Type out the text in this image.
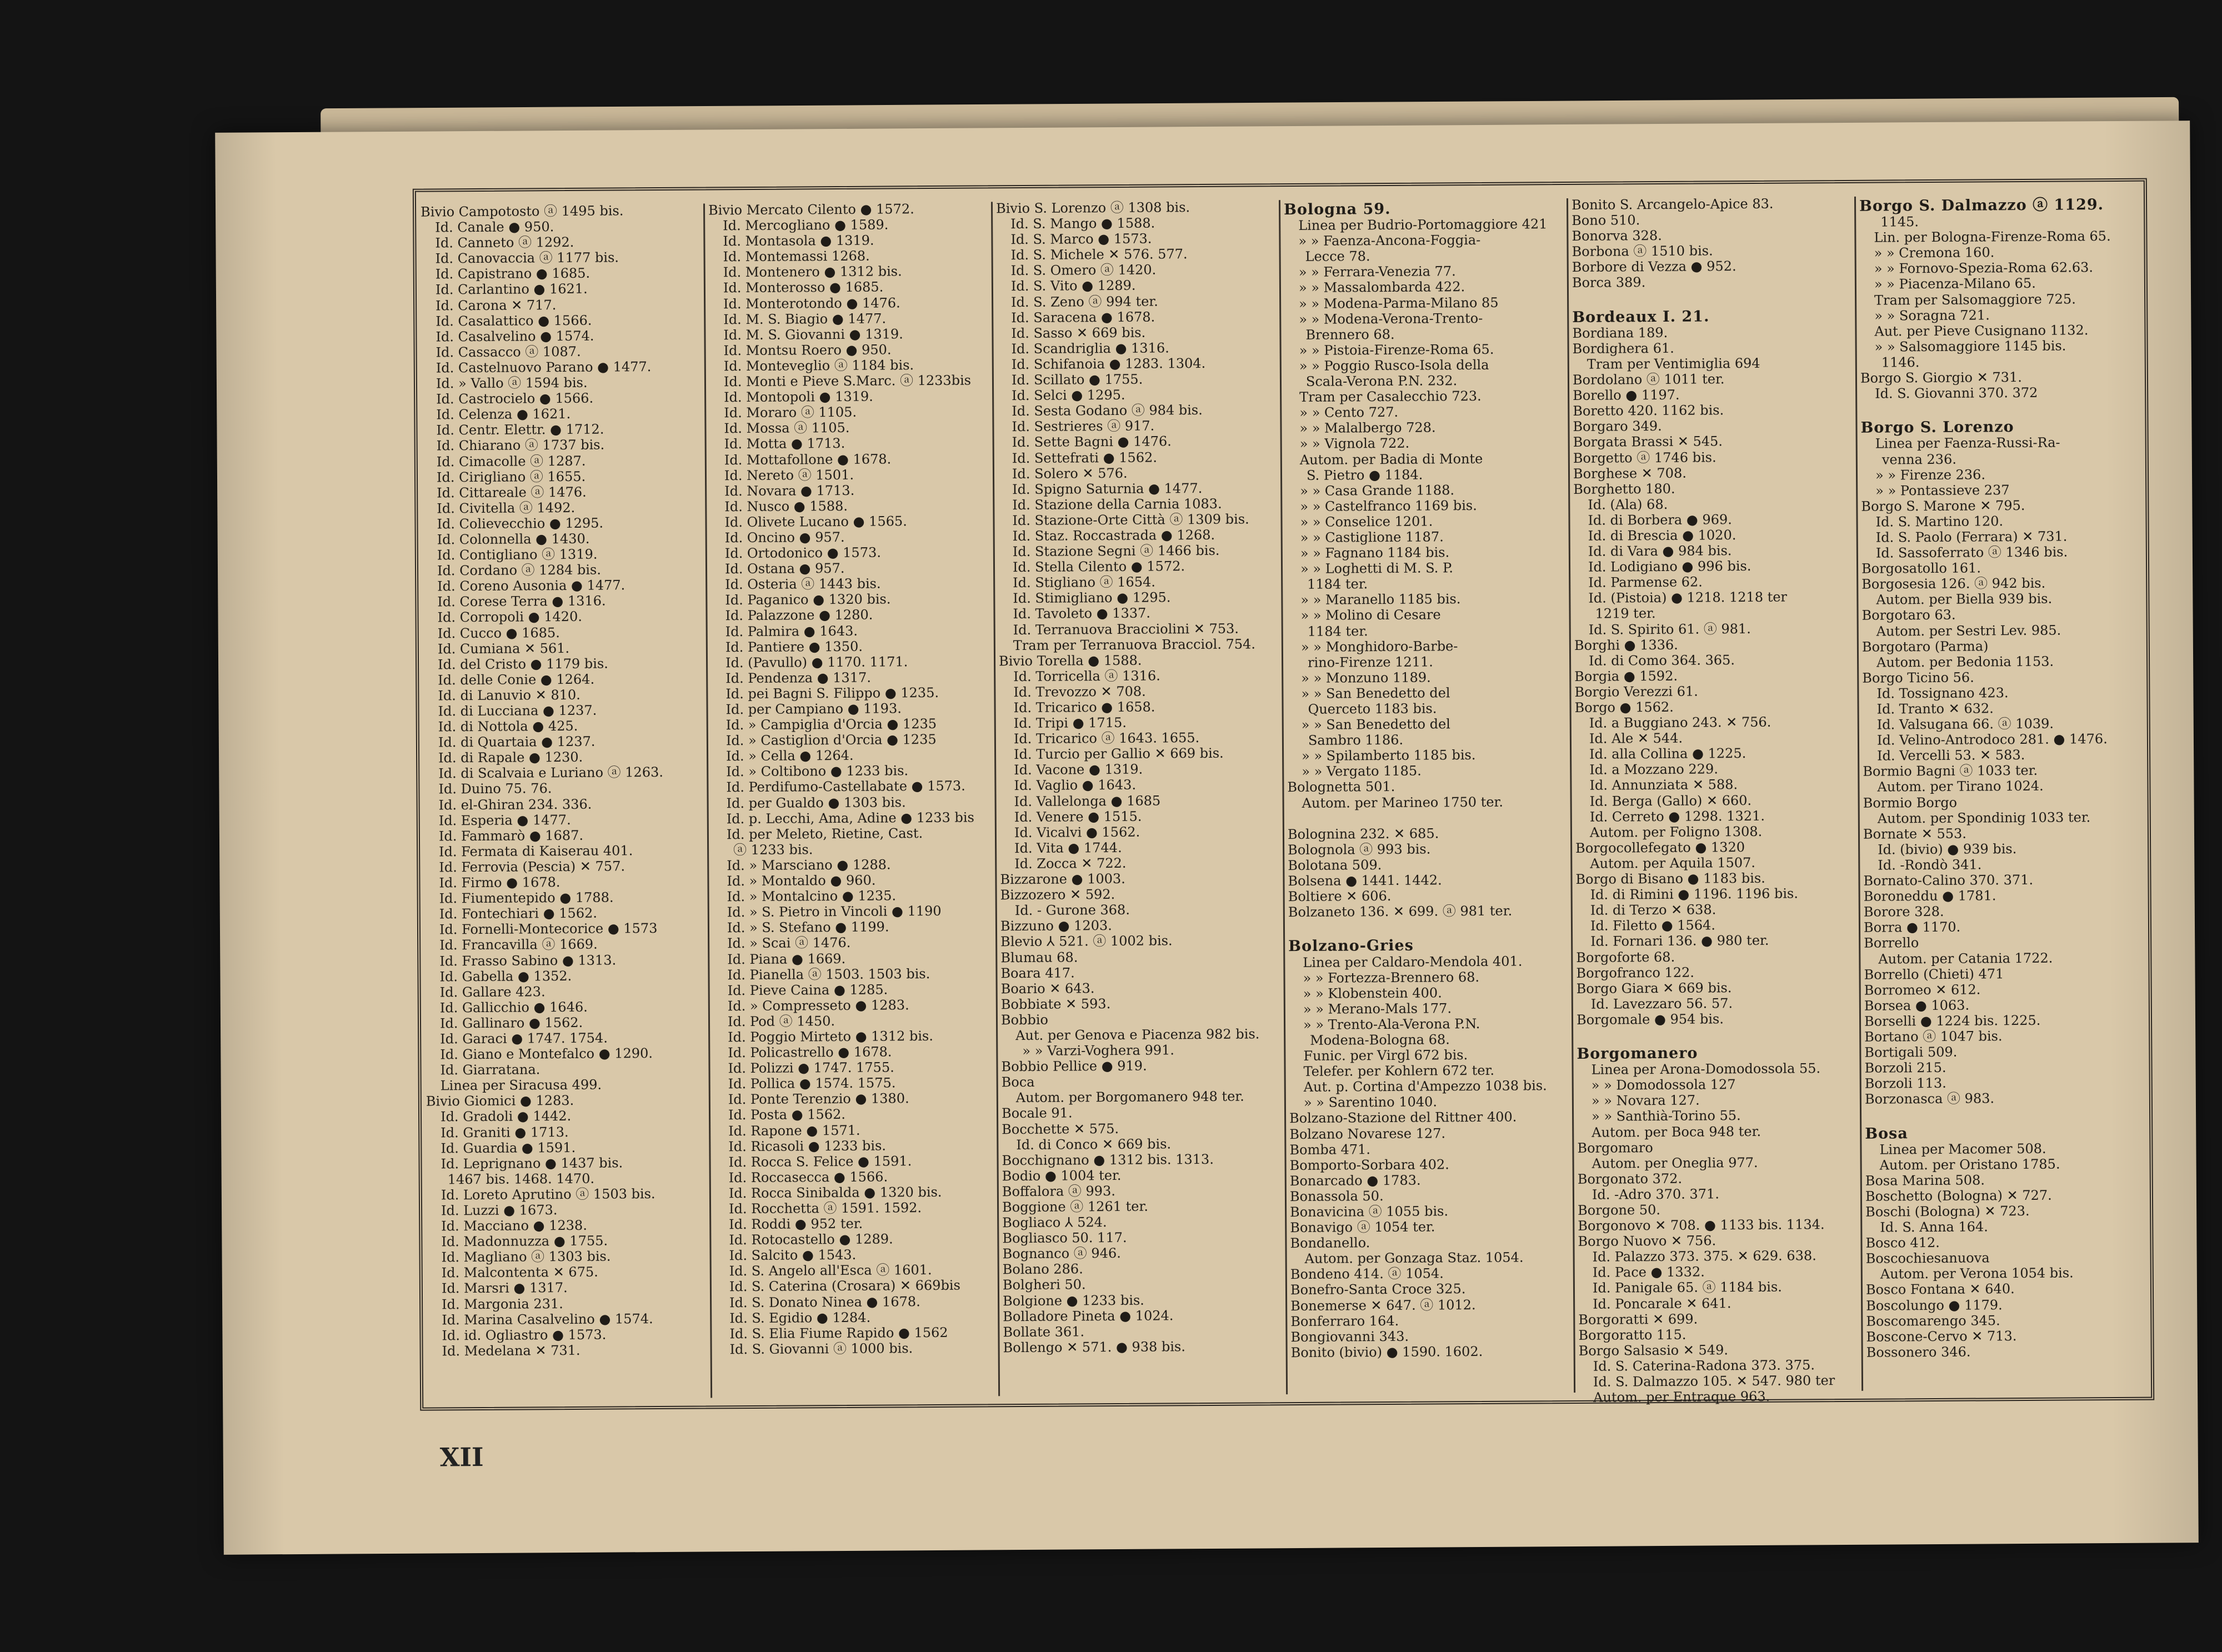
Bivio Campotosto ⓐ 1495 bis.
Id. Canale ● 950.
Id. Canneto ⓐ 1292.
Id. Canovaccia ⓐ 1177 bis.
Id. Capistrano ● 1685.
Id. Carlantino ● 1621.
Id. Carona ✕ 717.
Id. Casalattico ● 1566.
Id. Casalvelino ● 1574.
Id. Cassacco ⓐ 1087.
Id. Castelnuovo Parano ● 1477.
Id. » Vallo ⓐ 1594 bis.
Id. Castrocielo ● 1566.
Id. Celenza ● 1621.
Id. Centr. Elettr. ● 1712.
Id. Chiarano ⓐ 1737 bis.
Id. Cimacolle ⓐ 1287.
Id. Cirigliano ⓐ 1655.
Id. Cittareale ⓐ 1476.
Id. Civitella ⓐ 1492.
Id. Colievecchio ● 1295.
Id. Colonnella ● 1430.
Id. Contigliano ⓐ 1319.
Id. Cordano ⓐ 1284 bis.
Id. Coreno Ausonia ● 1477.
Id. Corese Terra ● 1316.
Id. Corropoli ● 1420.
Id. Cucco ● 1685.
Id. Cumiana ✕ 561.
Id. del Cristo ● 1179 bis.
Id. delle Conie ● 1264.
Id. di Lanuvio ✕ 810.
Id. di Lucciana ● 1237.
Id. di Nottola ● 425.
Id. di Quartaia ● 1237.
Id. di Rapale ● 1230.
Id. di Scalvaia e Luriano ⓐ 1263.
Id. Duino 75. 76.
Id. el-Ghiran 234. 336.
Id. Esperia ● 1477.
Id. Fammarò ● 1687.
Id. Fermata di Kaiserau 401.
Id. Ferrovia (Pescia) ✕ 757.
Id. Firmo ● 1678.
Id. Fiumentepido ● 1788.
Id. Fontechiari ● 1562.
Id. Fornelli-Montecorice ● 1573
Id. Francavilla ⓐ 1669.
Id. Frasso Sabino ● 1313.
Id. Gabella ● 1352.
Id. Gallare 423.
Id. Gallicchio ● 1646.
Id. Gallinaro ● 1562.
Id. Garaci ● 1747. 1754.
Id. Giano e Montefalco ● 1290.
Id. Giarratana.
Linea per Siracusa 499.
Bivio Giomici ● 1283.
Id. Gradoli ● 1442.
Id. Graniti ● 1713.
Id. Guardia ● 1591.
Id. Leprignano ● 1437 bis.
1467 bis. 1468. 1470.
Id. Loreto Aprutino ⓐ 1503 bis.
Id. Luzzi ● 1673.
Id. Macciano ● 1238.
Id. Madonnuzza ● 1755.
Id. Magliano ⓐ 1303 bis.
Id. Malcontenta ✕ 675.
Id. Marsri ● 1317.
Id. Margonia 231.
Id. Marina Casalvelino ● 1574.
Id. id. Ogliastro ● 1573.
Id. Medelana ✕ 731.
Bivio Mercato Cilento ● 1572.
Id. Mercogliano ● 1589.
Id. Montasola ● 1319.
Id. Montemassi 1268.
Id. Montenero ● 1312 bis.
Id. Monterosso ● 1685.
Id. Monterotondo ● 1476.
Id. M. S. Biagio ● 1477.
Id. M. S. Giovanni ● 1319.
Id. Montsu Roero ● 950.
Id. Monteveglio ⓐ 1184 bis.
Id. Monti e Pieve S.Marc. ⓐ 1233bis
Id. Montopoli ● 1319.
Id. Moraro ⓐ 1105.
Id. Mossa ⓐ 1105.
Id. Motta ● 1713.
Id. Mottafollone ● 1678.
Id. Nereto ⓐ 1501.
Id. Novara ● 1713.
Id. Nusco ● 1588.
Id. Olivete Lucano ● 1565.
Id. Oncino ● 957.
Id. Ortodonico ● 1573.
Id. Ostana ● 957.
Id. Osteria ⓐ 1443 bis.
Id. Paganico ● 1320 bis.
Id. Palazzone ● 1280.
Id. Palmira ● 1643.
Id. Pantiere ● 1350.
Id. (Pavullo) ● 1170. 1171.
Id. Pendenza ● 1317.
Id. pei Bagni S. Filippo ● 1235.
Id. per Campiano ● 1193.
Id. » Campiglia d'Orcia ● 1235
Id. » Castiglion d'Orcia ● 1235
Id. » Cella ● 1264.
Id. » Coltibono ● 1233 bis.
Id. Perdifumo-Castellabate ● 1573.
Id. per Gualdo ● 1303 bis.
Id. p. Lecchi, Ama, Adine ● 1233 bis
Id. per Meleto, Rietine, Cast.
ⓐ 1233 bis.
Id. » Marsciano ● 1288.
Id. » Montaldo ● 960.
Id. » Montalcino ● 1235.
Id. » S. Pietro in Vincoli ● 1190
Id. » S. Stefano ● 1199.
Id. » Scai ⓐ 1476.
Id. Piana ● 1669.
Id. Pianella ⓐ 1503. 1503 bis.
Id. Pieve Caina ● 1285.
Id. » Compresseto ● 1283.
Id. Pod ⓐ 1450.
Id. Poggio Mirteto ● 1312 bis.
Id. Policastrello ● 1678.
Id. Polizzi ● 1747. 1755.
Id. Pollica ● 1574. 1575.
Id. Ponte Terenzio ● 1380.
Id. Posta ● 1562.
Id. Rapone ● 1571.
Id. Ricasoli ● 1233 bis.
Id. Rocca S. Felice ● 1591.
Id. Roccasecca ● 1566.
Id. Rocca Sinibalda ● 1320 bis.
Id. Rocchetta ⓐ 1591. 1592.
Id. Roddi ● 952 ter.
Id. Rotocastello ● 1289.
Id. Salcito ● 1543.
Id. S. Angelo all'Esca ⓐ 1601.
Id. S. Caterina (Crosara) ✕ 669bis
Id. S. Donato Ninea ● 1678.
Id. S. Egidio ● 1284.
Id. S. Elia Fiume Rapido ● 1562
Id. S. Giovanni ⓐ 1000 bis.
Bivio S. Lorenzo ⓐ 1308 bis.
Id. S. Mango ● 1588.
Id. S. Marco ● 1573.
Id. S. Michele ✕ 576. 577.
Id. S. Omero ⓐ 1420.
Id. S. Vito ● 1289.
Id. S. Zeno ⓐ 994 ter.
Id. Saracena ● 1678.
Id. Sasso ✕ 669 bis.
Id. Scandriglia ● 1316.
Id. Schifanoia ● 1283. 1304.
Id. Scillato ● 1755.
Id. Selci ● 1295.
Id. Sesta Godano ⓐ 984 bis.
Id. Sestrieres ⓐ 917.
Id. Sette Bagni ● 1476.
Id. Settefrati ● 1562.
Id. Solero ✕ 576.
Id. Spigno Saturnia ● 1477.
Id. Stazione della Carnia 1083.
Id. Stazione-Orte Città ⓐ 1309 bis.
Id. Staz. Roccastrada ● 1268.
Id. Stazione Segni ⓐ 1466 bis.
Id. Stella Cilento ● 1572.
Id. Stigliano ⓐ 1654.
Id. Stimigliano ● 1295.
Id. Tavoleto ● 1337.
Id. Terranuova Bracciolini ✕ 753.
Tram per Terranuova Bracciol. 754.
Bivio Torella ● 1588.
Id. Torricella ⓐ 1316.
Id. Trevozzo ✕ 708.
Id. Tricarico ● 1658.
Id. Tripi ● 1715.
Id. Tricarico ⓐ 1643. 1655.
Id. Turcio per Gallio ✕ 669 bis.
Id. Vacone ● 1319.
Id. Vaglio ● 1643.
Id. Vallelonga ● 1685
Id. Venere ● 1515.
Id. Vicalvi ● 1562.
Id. Vita ● 1744.
Id. Zocca ✕ 722.
Bizzarone ● 1003.
Bizzozero ✕ 592.
Id. - Gurone 368.
Bizzuno ● 1203.
Blevio ⅄ 521. ⓐ 1002 bis.
Blumau 68.
Boara 417.
Boario ✕ 643.
Bobbiate ✕ 593.
Bobbio
Aut. per Genova e Piacenza 982 bis.
» » Varzi-Voghera 991.
Bobbio Pellice ● 919.
Boca
Autom. per Borgomanero 948 ter.
Bocale 91.
Bocchette ✕ 575.
Id. di Conco ✕ 669 bis.
Bocchignano ● 1312 bis. 1313.
Bodio ● 1004 ter.
Boffalora ⓐ 993.
Boggione ⓐ 1261 ter.
Bogliaco ⅄ 524.
Bogliasco 50. 117.
Bognanco ⓐ 946.
Bolano 286.
Bolgheri 50.
Bolgione ● 1233 bis.
Bolladore Pineta ● 1024.
Bollate 361.
Bollengo ✕ 571. ● 938 bis.
Bologna 59.
Linea per Budrio-Portomaggiore 421
» » Faenza-Ancona-Foggia-
Lecce 78.
» » Ferrara-Venezia 77.
» » Massalombarda 422.
» » Modena-Parma-Milano 85
» » Modena-Verona-Trento-
Brennero 68.
» » Pistoia-Firenze-Roma 65.
» » Poggio Rusco-Isola della
Scala-Verona P.N. 232.
Tram per Casalecchio 723.
» » Cento 727.
» » Malalbergo 728.
» » Vignola 722.
Autom. per Badia di Monte
S. Pietro ● 1184.
» » Casa Grande 1188.
» » Castelfranco 1169 bis.
» » Conselice 1201.
» » Castiglione 1187.
» » Fagnano 1184 bis.
» » Loghetti di M. S. P.
1184 ter.
» » Maranello 1185 bis.
» » Molino di Cesare
1184 ter.
» » Monghidoro-Barbe-
rino-Firenze 1211.
» » Monzuno 1189.
» » San Benedetto del
Querceto 1183 bis.
» » San Benedetto del
Sambro 1186.
» » Spilamberto 1185 bis.
» » Vergato 1185.
Bolognetta 501.
Autom. per Marineo 1750 ter.
Bolognina 232. ✕ 685.
Bolognola ⓐ 993 bis.
Bolotana 509.
Bolsena ● 1441. 1442.
Boltiere ✕ 606.
Bolzaneto 136. ✕ 699. ⓐ 981 ter.
Bolzano-Gries
Linea per Caldaro-Mendola 401.
» » Fortezza-Brennero 68.
» » Klobenstein 400.
» » Merano-Mals 177.
» » Trento-Ala-Verona P.N.
Modena-Bologna 68.
Funic. per Virgl 672 bis.
Telefer. per Kohlern 672 ter.
Aut. p. Cortina d'Ampezzo 1038 bis.
» » Sarentino 1040.
Bolzano-Stazione del Rittner 400.
Bolzano Novarese 127.
Bomba 471.
Bomporto-Sorbara 402.
Bonarcado ● 1783.
Bonassola 50.
Bonavicina ⓐ 1055 bis.
Bonavigo ⓐ 1054 ter.
Bondanello.
Autom. per Gonzaga Staz. 1054.
Bondeno 414. ⓐ 1054.
Bonefro-Santa Croce 325.
Bonemerse ✕ 647. ⓐ 1012.
Bonferraro 164.
Bongiovanni 343.
Bonito (bivio) ● 1590. 1602.
Bonito S. Arcangelo-Apice 83.
Bono 510.
Bonorva 328.
Borbona ⓐ 1510 bis.
Borbore di Vezza ● 952.
Borca 389.
Bordeaux I. 21.
Bordiana 189.
Bordighera 61.
Tram per Ventimiglia 694
Bordolano ⓐ 1011 ter.
Borello ● 1197.
Boretto 420. 1162 bis.
Borgaro 349.
Borgata Brassi ✕ 545.
Borgetto ⓐ 1746 bis.
Borghese ✕ 708.
Borghetto 180.
Id. (Ala) 68.
Id. di Borbera ● 969.
Id. di Brescia ● 1020.
Id. di Vara ● 984 bis.
Id. Lodigiano ● 996 bis.
Id. Parmense 62.
Id. (Pistoia) ● 1218. 1218 ter
1219 ter.
Id. S. Spirito 61. ⓐ 981.
Borghi ● 1336.
Id. di Como 364. 365.
Borgia ● 1592.
Borgio Verezzi 61.
Borgo ● 1562.
Id. a Buggiano 243. ✕ 756.
Id. Ale ✕ 544.
Id. alla Collina ● 1225.
Id. a Mozzano 229.
Id. Annunziata ✕ 588.
Id. Berga (Gallo) ✕ 660.
Id. Cerreto ● 1298. 1321.
Autom. per Foligno 1308.
Borgocollefegato ● 1320
Autom. per Aquila 1507.
Borgo di Bisano ● 1183 bis.
Id. di Rimini ● 1196. 1196 bis.
Id. di Terzo ✕ 638.
Id. Filetto ● 1564.
Id. Fornari 136. ● 980 ter.
Borgoforte 68.
Borgofranco 122.
Borgo Giara ✕ 669 bis.
Id. Lavezzaro 56. 57.
Borgomale ● 954 bis.
Borgomanero
Linea per Arona-Domodossola 55.
» » Domodossola 127
» » Novara 127.
» » Santhià-Torino 55.
Autom. per Boca 948 ter.
Borgomaro
Autom. per Oneglia 977.
Borgonato 372.
Id. -Adro 370. 371.
Borgone 50.
Borgonovo ✕ 708. ● 1133 bis. 1134.
Borgo Nuovo ✕ 756.
Id. Palazzo 373. 375. ✕ 629. 638.
Id. Pace ● 1332.
Id. Panigale 65. ⓐ 1184 bis.
Id. Poncarale ✕ 641.
Borgoratti ✕ 699.
Borgoratto 115.
Borgo Salsasio ✕ 549.
Id. S. Caterina-Radona 373. 375.
Id. S. Dalmazzo 105. ✕ 547. 980 ter
Autom. per Entraque 963.
Borgo S. Dalmazzo ⓐ 1129.
1145.
Lin. per Bologna-Firenze-Roma 65.
» » Cremona 160.
» » Fornovo-Spezia-Roma 62.63.
» » Piacenza-Milano 65.
Tram per Salsomaggiore 725.
» » Soragna 721.
Aut. per Pieve Cusignano 1132.
» » Salsomaggiore 1145 bis.
1146.
Borgo S. Giorgio ✕ 731.
Id. S. Giovanni 370. 372
Borgo S. Lorenzo
Linea per Faenza-Russi-Ra-
venna 236.
» » Firenze 236.
» » Pontassieve 237
Borgo S. Marone ✕ 795.
Id. S. Martino 120.
Id. S. Paolo (Ferrara) ✕ 731.
Id. Sassoferrato ⓐ 1346 bis.
Borgosatollo 161.
Borgosesia 126. ⓐ 942 bis.
Autom. per Biella 939 bis.
Borgotaro 63.
Autom. per Sestri Lev. 985.
Borgotaro (Parma)
Autom. per Bedonia 1153.
Borgo Ticino 56.
Id. Tossignano 423.
Id. Tranto ✕ 632.
Id. Valsugana 66. ⓐ 1039.
Id. Velino-Antrodoco 281. ● 1476.
Id. Vercelli 53. ✕ 583.
Bormio Bagni ⓐ 1033 ter.
Autom. per Tirano 1024.
Bormio Borgo
Autom. per Spondinig 1033 ter.
Bornate ✕ 553.
Id. (bivio) ● 939 bis.
Id. -Rondò 341.
Bornato-Calino 370. 371.
Boroneddu ● 1781.
Borore 328.
Borra ● 1170.
Borrello
Autom. per Catania 1722.
Borrello (Chieti) 471
Borromeo ✕ 612.
Borsea ● 1063.
Borselli ● 1224 bis. 1225.
Bortano ⓐ 1047 bis.
Bortigali 509.
Borzoli 215.
Borzoli 113.
Borzonasca ⓐ 983.
Bosa
Linea per Macomer 508.
Autom. per Oristano 1785.
Bosa Marina 508.
Boschetto (Bologna) ✕ 727.
Boschi (Bologna) ✕ 723.
Id. S. Anna 164.
Bosco 412.
Boscochiesanuova
Autom. per Verona 1054 bis.
Bosco Fontana ✕ 640.
Boscolungo ● 1179.
Boscomarengo 345.
Boscone-Cervo ✕ 713.
Bossonero 346.
XII
